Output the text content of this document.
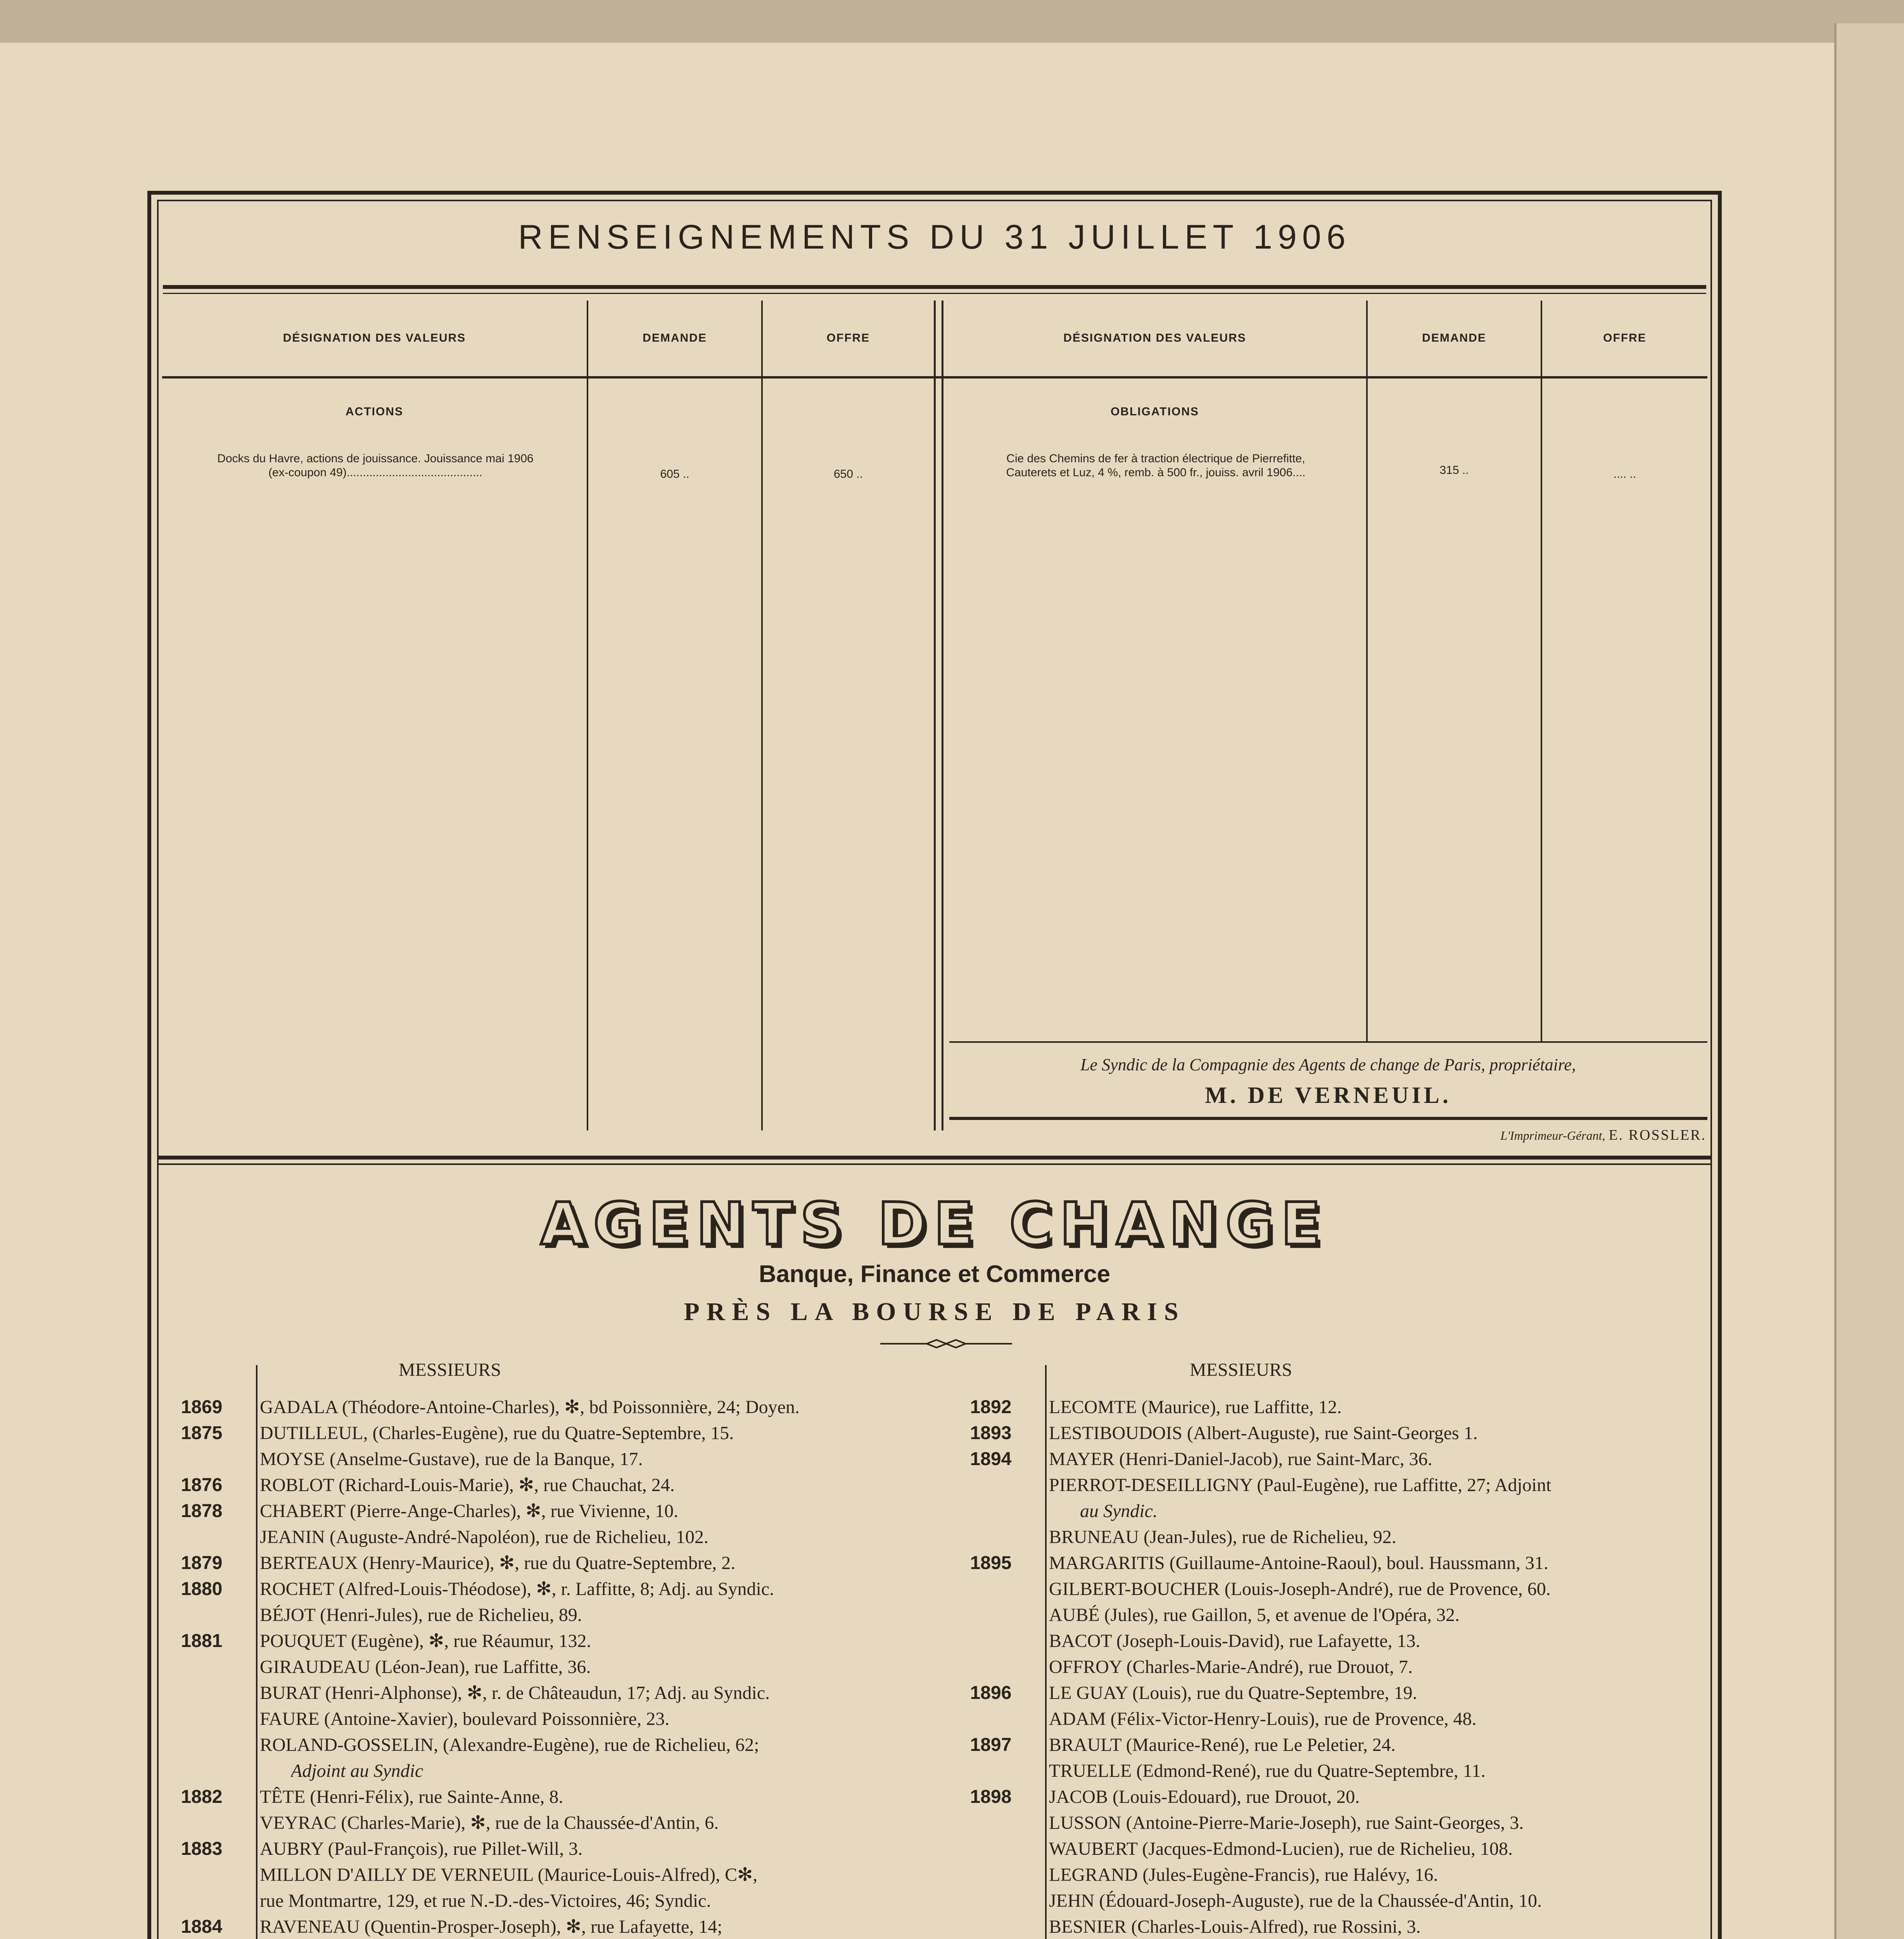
RENSEIGNEMENTS DU 31 JUILLET 1906
DÉSIGNATION DES VALEURS	DEMANDE	OFFRE	DÉSIGNATION DES VALEURS	DEMANDE	OFFRE
ACTIONS	OBLIGATIONS
Docks du Havre, actions de jouissance. Jouissance mai 1906
(ex-coupon 49)..........................................	605 ..	650 ..
Cie des Chemins de fer à traction électrique de Pierrefitte,
Cauterets et Luz, 4 %, remb. à 500 fr., jouiss. avril 1906....	315 ..	.... ..
Le Syndic de la Compagnie des Agents de change de Paris, propriétaire,
M. DE VERNEUIL.
L'Imprimeur-Gérant, E. ROSSLER.
AGENTS DE CHANGE
Banque, Finance et Commerce
PRÈS LA BOURSE DE PARIS
MESSIEURS	MESSIEURS
1869	GADALA (Théodore-Antoine-Charles), ✻, bd Poissonnière, 24; Doyen.
1875	DUTILLEUL, (Charles-Eugène), rue du Quatre-Septembre, 15.
MOYSE (Anselme-Gustave), rue de la Banque, 17.
1876	ROBLOT (Richard-Louis-Marie), ✻, rue Chauchat, 24.
1878	CHABERT (Pierre-Ange-Charles), ✻, rue Vivienne, 10.
JEANIN (Auguste-André-Napoléon), rue de Richelieu, 102.
1879	BERTEAUX (Henry-Maurice), ✻, rue du Quatre-Septembre, 2.
1880	ROCHET (Alfred-Louis-Théodose), ✻, r. Laffitte, 8; Adj. au Syndic.
BÉJOT (Henri-Jules), rue de Richelieu, 89.
1881	POUQUET (Eugène), ✻, rue Réaumur, 132.
GIRAUDEAU (Léon-Jean), rue Laffitte, 36.
BURAT (Henri-Alphonse), ✻, r. de Châteaudun, 17; Adj. au Syndic.
FAURE (Antoine-Xavier), boulevard Poissonnière, 23.
ROLAND-GOSSELIN, (Alexandre-Eugène), rue de Richelieu, 62;
Adjoint au Syndic
1882	TÊTE (Henri-Félix), rue Sainte-Anne, 8.
VEYRAC (Charles-Marie), ✻, rue de la Chaussée-d'Antin, 6.
1883	AUBRY (Paul-François), rue Pillet-Will, 3.
MILLON D'AILLY DE VERNEUIL (Maurice-Louis-Alfred), C✻,
rue Montmartre, 129, et rue N.-D.-des-Victoires, 46; Syndic.
1884	RAVENEAU (Quentin-Prosper-Joseph), ✻, rue Lafayette, 14;
1892	LECOMTE (Maurice), rue Laffitte, 12.
1893	LESTIBOUDOIS (Albert-Auguste), rue Saint-Georges 1.
1894	MAYER (Henri-Daniel-Jacob), rue Saint-Marc, 36.
PIERROT-DESEILLIGNY (Paul-Eugène), rue Laffitte, 27; Adjoint
au Syndic.
BRUNEAU (Jean-Jules), rue de Richelieu, 92.
1895	MARGARITIS (Guillaume-Antoine-Raoul), boul. Haussmann, 31.
GILBERT-BOUCHER (Louis-Joseph-André), rue de Provence, 60.
AUBÉ (Jules), rue Gaillon, 5, et avenue de l'Opéra, 32.
BACOT (Joseph-Louis-David), rue Lafayette, 13.
OFFROY (Charles-Marie-André), rue Drouot, 7.
1896	LE GUAY (Louis), rue du Quatre-Septembre, 19.
ADAM (Félix-Victor-Henry-Louis), rue de Provence, 48.
1897	BRAULT (Maurice-René), rue Le Peletier, 24.
TRUELLE (Edmond-René), rue du Quatre-Septembre, 11.
1898	JACOB (Louis-Edouard), rue Drouot, 20.
LUSSON (Antoine-Pierre-Marie-Joseph), rue Saint-Georges, 3.
WAUBERT (Jacques-Edmond-Lucien), rue de Richelieu, 108.
LEGRAND (Jules-Eugène-Francis), rue Halévy, 16.
JEHN (Édouard-Joseph-Auguste), rue de la Chaussée-d'Antin, 10.
BESNIER (Charles-Louis-Alfred), rue Rossini, 3.
